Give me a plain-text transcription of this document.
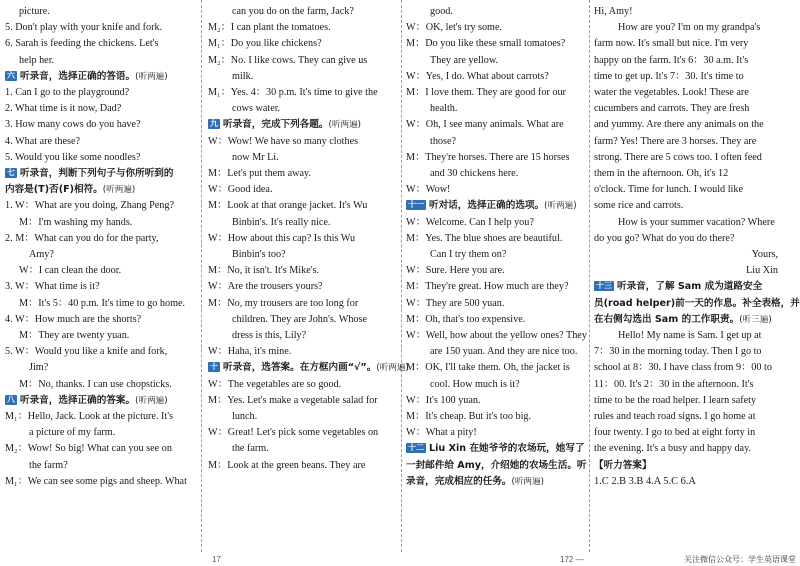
picture.
5. Don't play with your knife and fork.
6. Sarah is feeding the chickens. Let's
help her.
六 听录音，选择正确的答语。(听两遍)
1. Can I go to the playground?
2. What time is it now, Dad?
3. How many cows do you have?
4. What are these?
5. Would you like some noodles?
七 听录音，判断下列句子与你所听到的
内容是(T)否(F)相符。(听两遍)
1. W：What are you doing, Zhang Peng?
M：I'm washing my hands.
2. M：What can you do for the party,
Amy?
W：I can clean the door.
3. W：What time is it?
M：It's 5：40 p.m. It's time to go home.
4. W：How much are the shorts?
M：They are twenty yuan.
5. W：Would you like a knife and fork,
Jim?
M：No, thanks. I can use chopsticks.
八 听录音，选择正确的答案。(听两遍)
M₁：Hello, Jack. Look at the picture. It's
a picture of my farm.
M₂：Wow! So big! What can you see on
the farm?
M₁：We can see some pigs and sheep. What
can you do on the farm, Jack?
M₂：I can plant the tomatoes.
M₁：Do you like chickens?
M₂：No. I like cows. They can give us
milk.
M₁：Yes. 4：30 p.m. It's time to give the
cows water.
九 听录音，完成下列各题。(听两遍)
W：Wow! We have so many clothes
now Mr Li.
M：Let's put them away.
W：Good idea.
M：Look at that orange jacket. It's Wu
Binbin's. It's really nice.
W：How about this cap? Is this Wu
Binbin's too?
M：No, it isn't. It's Mike's.
W：Are the trousers yours?
M：No, my trousers are too long for
children. They are John's. Whose
dress is this, Lily?
W：Haha, it's mine.
十 听录音，选答案。在方框内画“√”。(听两遍)
W：The vegetables are so good.
M：Yes. Let's make a vegetable salad for
lunch.
W：Great! Let's pick some vegetables on
the farm.
M：Look at the green beans. They are
good.
W：OK, let's try some.
M：Do you like these small tomatoes?
They are yellow.
W：Yes, I do. What about carrots?
M：I love them. They are good for our
health.
W：Oh, I see many animals. What are
those?
M：They're horses. There are 15 horses
and 30 chickens here.
W：Wow!
十一 听对话，选择正确的选项。(听两遍)
W：Welcome. Can I help you?
M：Yes. The blue shoes are beautiful.
Can I try them on?
W：Sure. Here you are.
M：They're great. How much are they?
W：They are 500 yuan.
M：Oh, that's too expensive.
W：Well, how about the yellow ones? They
are 150 yuan. And they are nice too.
M：OK, I'll take them. Oh, the jacket is
cool. How much is it?
W：It's 100 yuan.
M：It's cheap. But it's too big.
W：What a pity!
十二 Liu Xin 在她爷爷的农场玩，她写了
一封邮件给 Amy，介绍她的农场生活。听
录音，完成相应的任务。(听两遍)
Hi, Amy!
How are you? I'm on my grandpa's
farm now. It's small but nice. I'm very
happy on the farm. It's 6：30 a.m. It's
time to get up. It's 7：30. It's time to
water the vegetables. Look! These are
cucumbers and carrots. They are fresh
and yummy. Are there any animals on the
farm? Yes! There are 3 horses. They are
strong. There are 5 cows too. I often feed
them in the afternoon. Oh, it's 12
o'clock. Time for lunch. I would like
some rice and carrots.
How is your summer vacation? Where
do you go? What do you do there?
Yours,
Liu Xin
十三 听录音，了解 Sam 成为道路安全
员(road helper)前一天的作息。补全表格，并
在右侧勾选出 Sam 的工作职责。(听三遍)
Hello! My name is Sam. I get up at
7：30 in the morning today. Then I go to
school at 8：30. I have class from 9：00 to
11：00. It's 2：30 in the afternoon. It's
time to be the road helper. I learn safety
rules and teach road signs. I go home at
four twenty. I go to bed at eight forty in
the evening. It's a busy and happy day.
【听力答案】
1.C 2.B 3.B 4.A 5.C 6.A
17	172 —	关注微信公众号：学生英语课堂
